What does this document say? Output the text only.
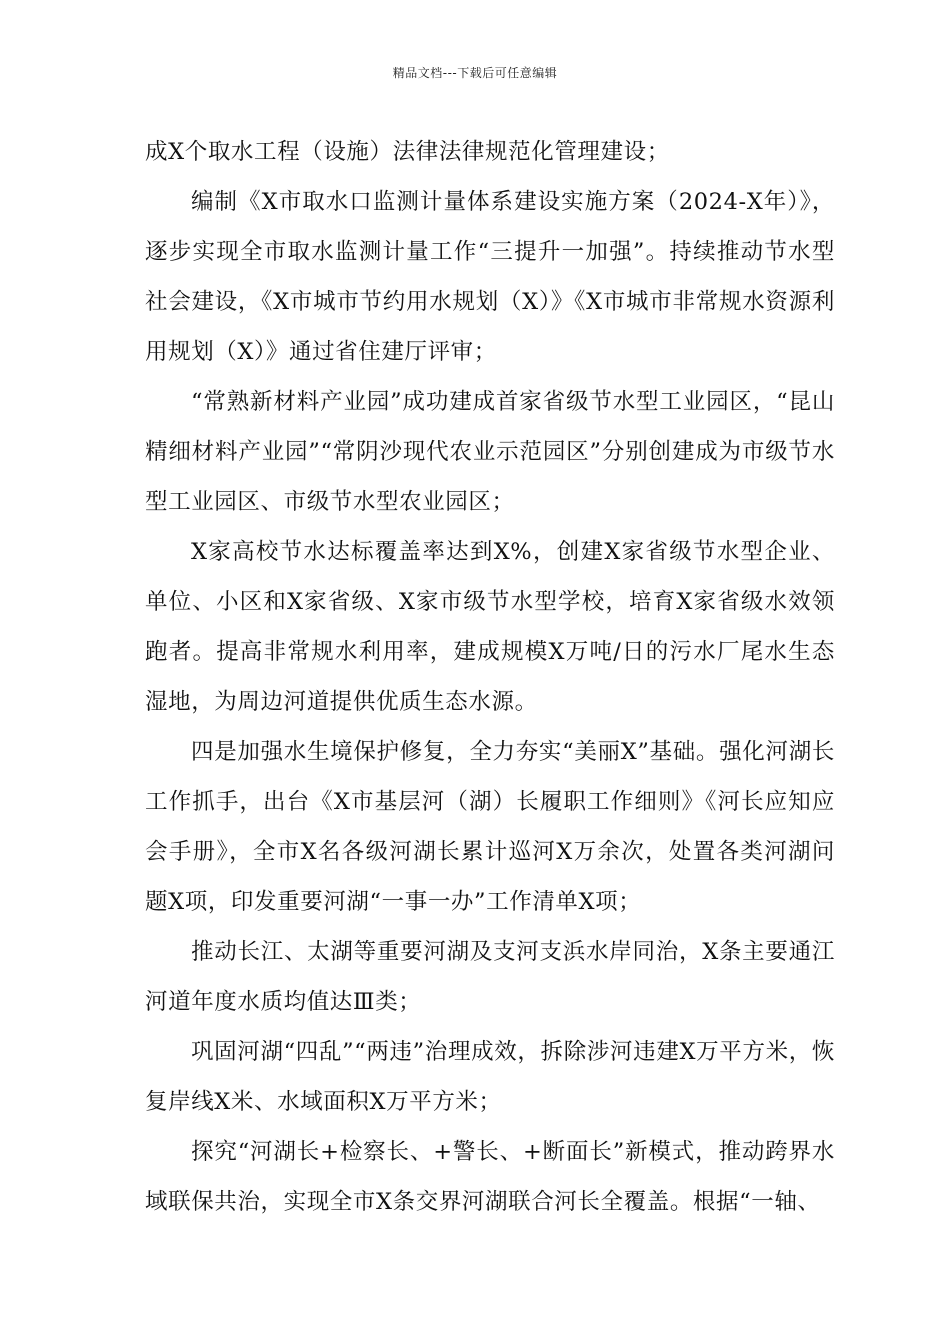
精品文档---下载后可任意编辑

成X个取水工程（设施）法律法律规范化管理建设；

编制《X市取水口监测计量体系建设实施方案（2024-X年）》，逐步实现全市取水监测计量工作“三提升一加强”。持续推动节水型社会建设，《X市城市节约用水规划（X）》《X市城市非常规水资源利用规划（X）》通过省住建厅评审；

“常熟新材料产业园”成功建成首家省级节水型工业园区，“昆山精细材料产业园”“常阴沙现代农业示范园区”分别创建成为市级节水型工业园区、市级节水型农业园区；

X家高校节水达标覆盖率达到X%，创建X家省级节水型企业、单位、小区和X家省级、X家市级节水型学校，培育X家省级水效领跑者。提高非常规水利用率，建成规模X万吨/日的污水厂尾水生态湿地，为周边河道提供优质生态水源。

四是加强水生境保护修复，全力夯实“美丽X”基础。强化河湖长工作抓手，出台《X市基层河（湖）长履职工作细则》《河长应知应会手册》，全市X名各级河湖长累计巡河X万余次，处置各类河湖问题X项，印发重要河湖“一事一办”工作清单X项；

推动长江、太湖等重要河湖及支河支浜水岸同治，X条主要通江河道年度水质均值达Ⅲ类；

巩固河湖“四乱”“两违”治理成效，拆除涉河违建X万平方米，恢复岸线X米、水域面积X万平方米；

探究“河湖长+检察长、+警长、+断面长”新模式，推动跨界水域联保共治，实现全市X条交界河湖联合河长全覆盖。根据“一轴、
